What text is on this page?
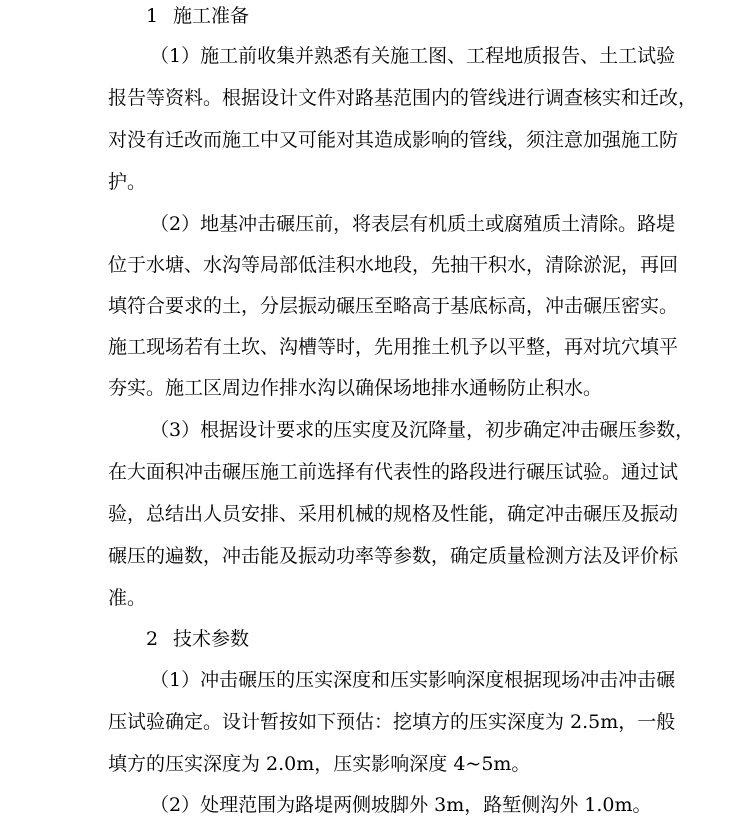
1 施工准备
（1）施工前收集并熟悉有关施工图、工程地质报告、土工试验
报告等资料。根据设计文件对路基范围内的管线进行调查核实和迁改，
对没有迁改而施工中又可能对其造成影响的管线，须注意加强施工防
护。
（2）地基冲击碾压前，将表层有机质土或腐殖质土清除。路堤
位于水塘、水沟等局部低洼积水地段，先抽干积水，清除淤泥，再回
填符合要求的土，分层振动碾压至略高于基底标高，冲击碾压密实。
施工现场若有土坎、沟槽等时，先用推土机予以平整，再对坑穴填平
夯实。施工区周边作排水沟以确保场地排水通畅防止积水。
（3）根据设计要求的压实度及沉降量，初步确定冲击碾压参数，
在大面积冲击碾压施工前选择有代表性的路段进行碾压试验。通过试
验，总结出人员安排、采用机械的规格及性能，确定冲击碾压及振动
碾压的遍数，冲击能及振动功率等参数，确定质量检测方法及评价标
准。
2 技术参数
（1）冲击碾压的压实深度和压实影响深度根据现场冲击冲击碾
压试验确定。设计暂按如下预估：挖填方的压实深度为 2.5m，一般
填方的压实深度为 2.0m，压实影响深度 4~5m。
（2）处理范围为路堤两侧坡脚外 3m，路堑侧沟外 1.0m。
